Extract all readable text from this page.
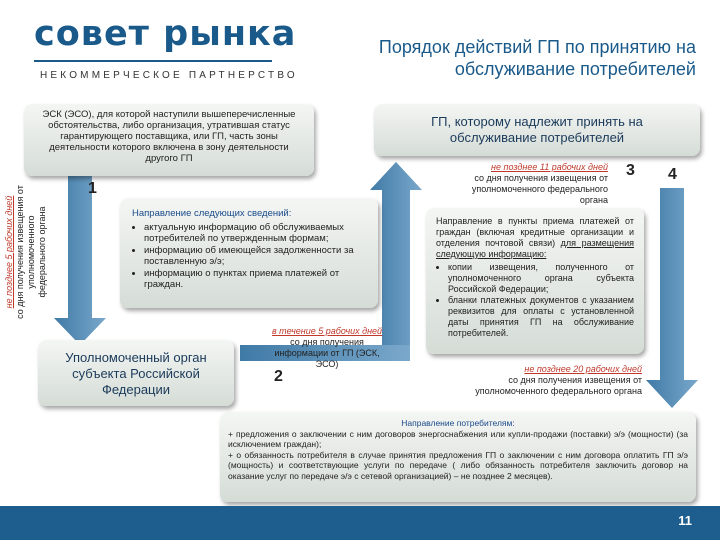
совет рынка
НЕКОММЕРЧЕСКОЕ ПАРТНЕРСТВО
Порядок действий ГП по принятию на обслуживание потребителей
ЭСК (ЭСО), для которой наступили вышеперечисленные обстоятельства, либо организация, утратившая статус гарантирующего поставщика, или ГП, часть зоны деятельности которого включена в зону деятельности другого ГП
ГП, которому надлежит принять на обслуживание потребителей
1
не позднее 5 рабочих дней со дня получения извещения от уполномоченного федерального органа	Направление следующих сведений:
• актуальную информацию об обслуживаемых потребителей по утвержденным формам;
• информацию об имеющейся задолженности за поставленную э/э;
• информацию о пунктах приема платежей от граждан.
Уполномоченный орган субъекта Российской Федерации
2
в течение 5 рабочих дней
со дня получения информации от ГП (ЭСК, ЭСО)
не позднее 11 рабочих дней
со дня получения извещения от уполномоченного федерального органа
3 4
Направление в пункты приема платежей от граждан (включая кредитные организации и отделения почтовой связи) для размещения следующую информацию:
• копии извещения, полученного от уполномоченного органа субъекта Российской Федерации;
• бланки платежных документов с указанием реквизитов для оплаты с установленной даты принятия ГП на обслуживание потребителей.
не позднее 20 рабочих дней
со дня получения извещения от уполномоченного федерального органа
Направление потребителям:
+ предложения о заключении с ним договоров энергоснабжения или купли-продажи (поставки) э/э (мощности) (за исключением граждан);
+ о обязанность потребителя в случае принятия предложения ГП о заключении с ним договора оплатить ГП э/э (мощность) и соответствующие услуги по передаче ( либо обязанность потребителя заключить договор на оказание услуг по передаче э/э с сетевой организацией) – не позднее 2 месяцев).
11
